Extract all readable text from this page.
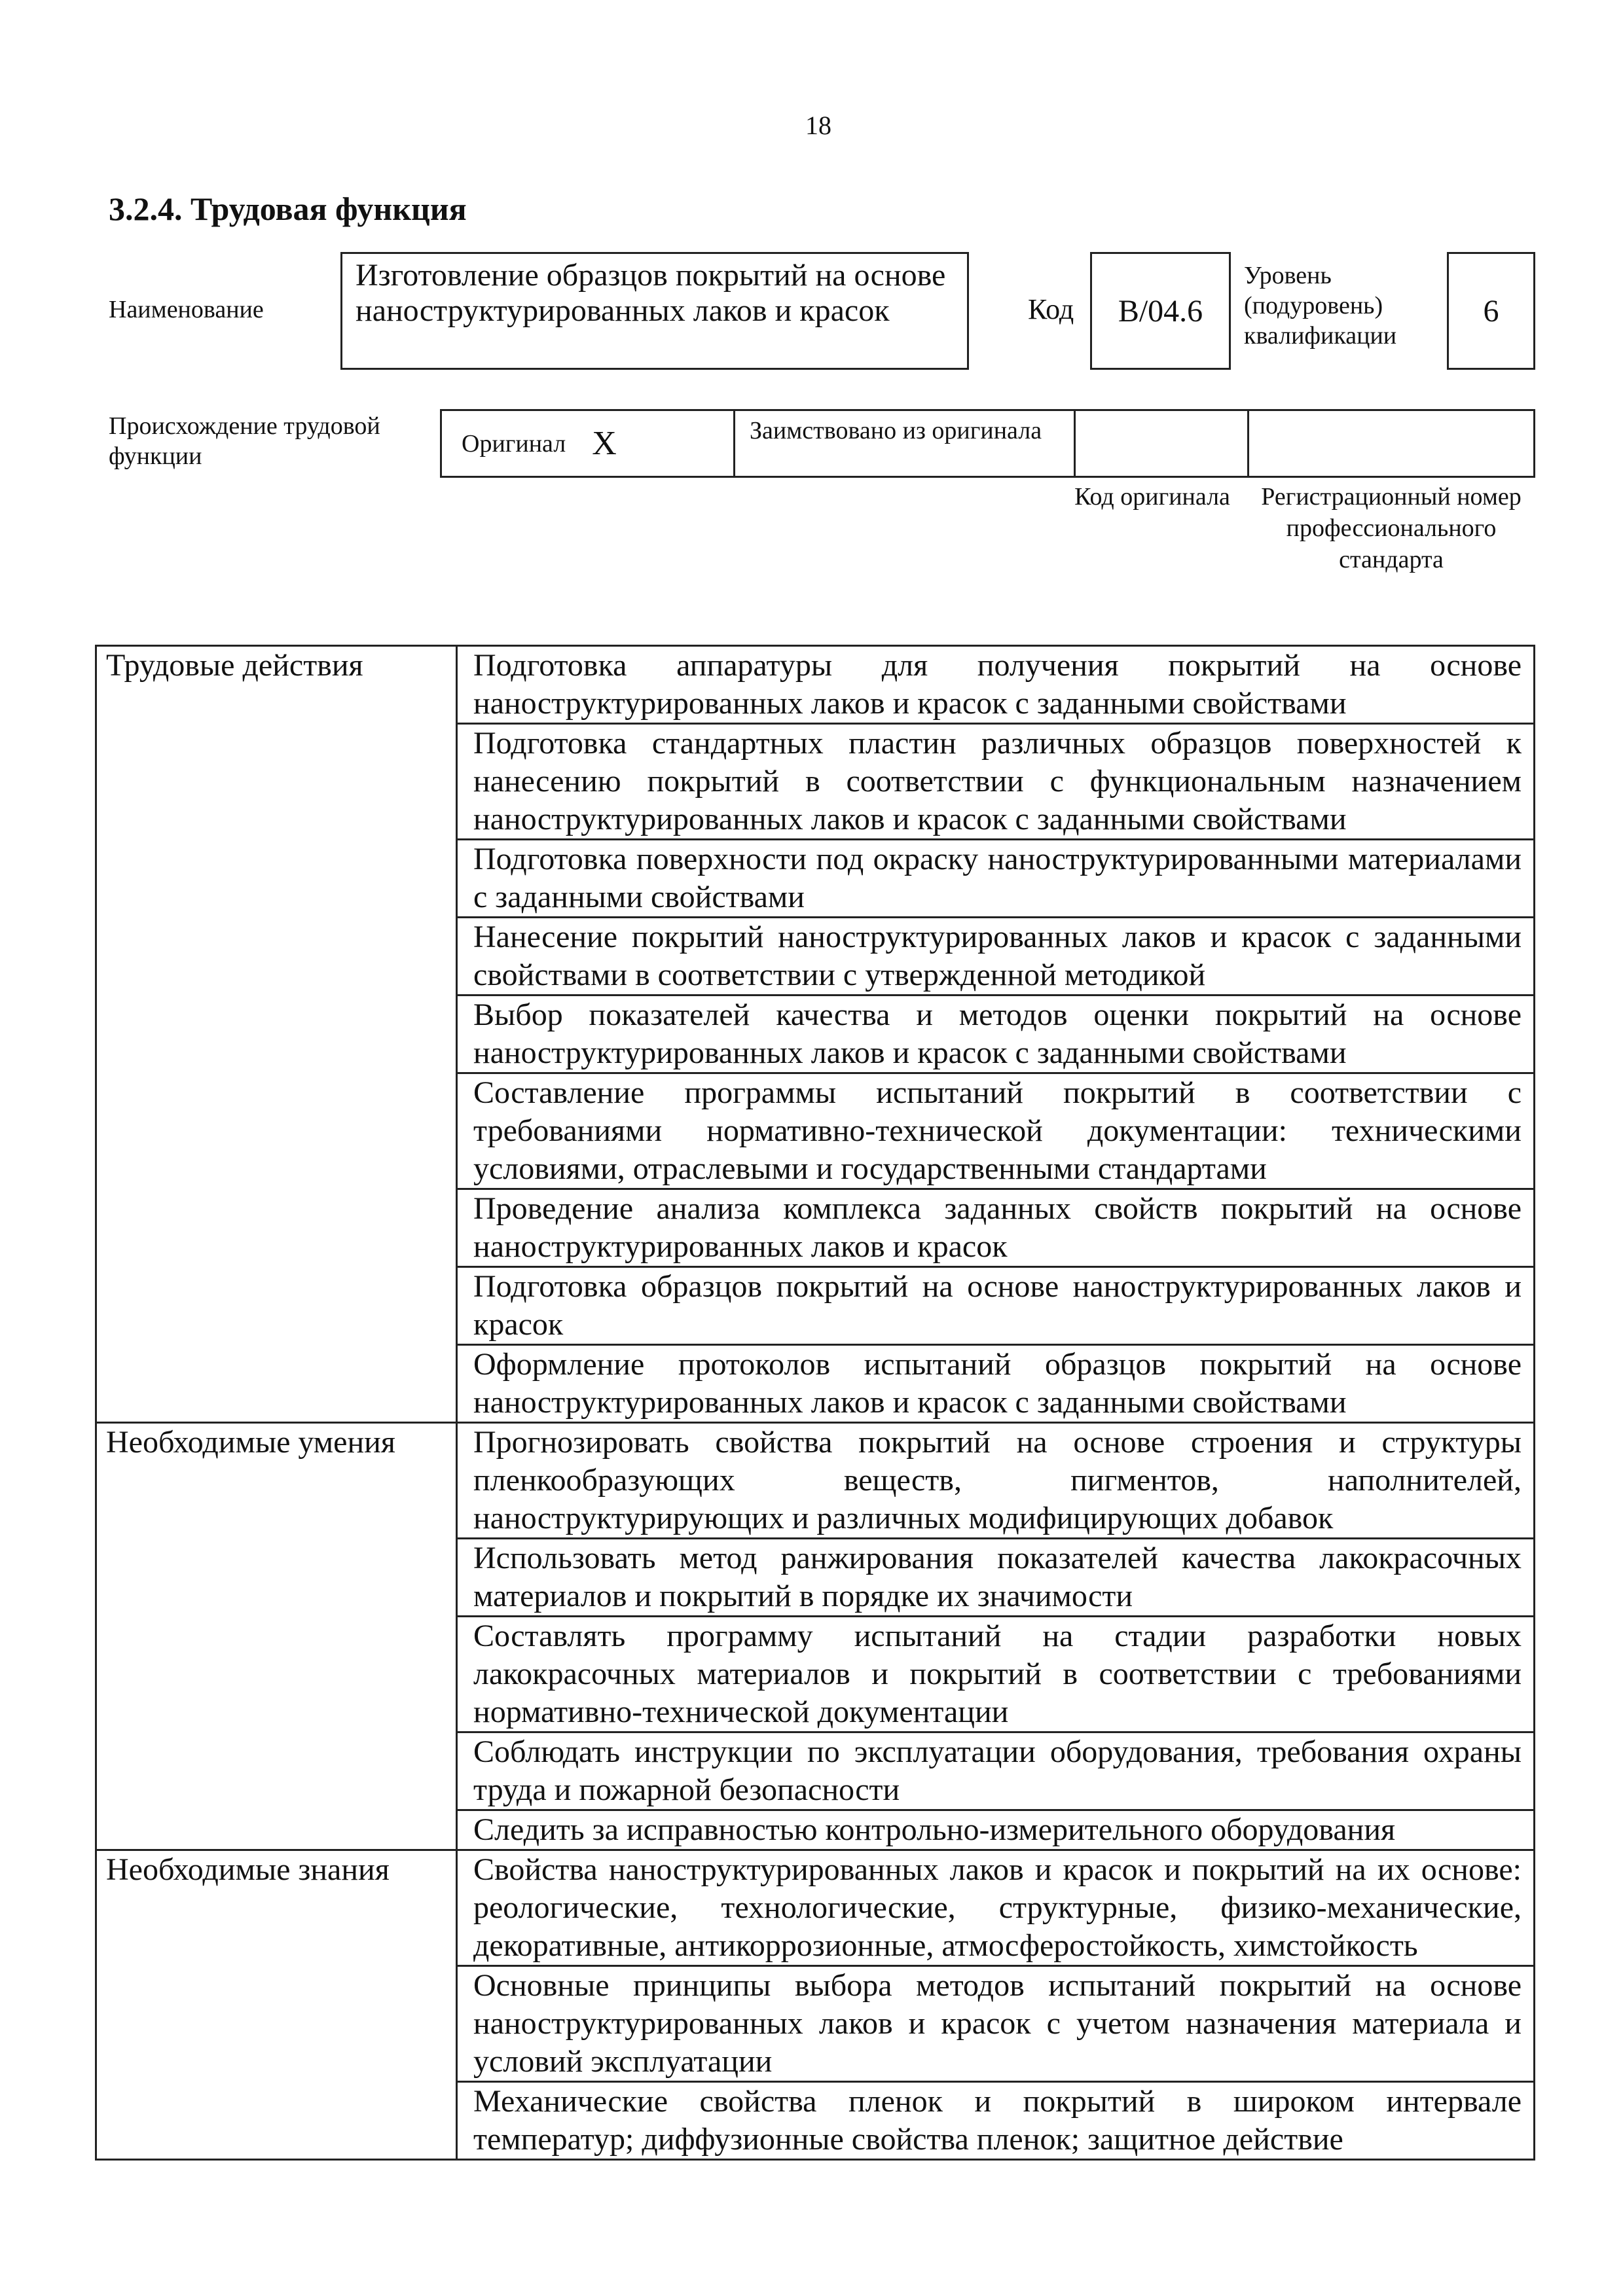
18
3.2.4. Трудовая функция
Наименование
Изготовление образцов покрытий на основе наноструктурированных лаков и красок	Код	B/04.6
Уровень (подуровень) квалификации
6
Происхождение трудовой функции	Оригинал X	Заимствовано из оригинала
Код оригинала	Регистрационный номер профессионального стандарта
Трудовые действия	Подготовка аппаратуры для получения покрытий на основе наноструктурированных лаков и красок с заданными свойствами
	Подготовка стандартных пластин различных образцов поверхностей к нанесению покрытий в соответствии с функциональным назначением наноструктурированных лаков и красок с заданными свойствами
	Подготовка поверхности под окраску наноструктурированными материалами с заданными свойствами
	Нанесение покрытий наноструктурированных лаков и красок с заданными свойствами в соответствии с утвержденной методикой
	Выбор показателей качества и методов оценки покрытий на основе наноструктурированных лаков и красок с заданными свойствами
	Составление программы испытаний покрытий в соответствии с требованиями нормативно-технической документации: техническими условиями, отраслевыми и государственными стандартами
	Проведение анализа комплекса заданных свойств покрытий на основе наноструктурированных лаков и красок
	Подготовка образцов покрытий на основе наноструктурированных лаков и красок
	Оформление протоколов испытаний образцов покрытий на основе наноструктурированных лаков и красок с заданными свойствами
Необходимые умения	Прогнозировать свойства покрытий на основе строения и структуры пленкообразующих веществ, пигментов, наполнителей, наноструктурирующих и различных модифицирующих добавок
	Использовать метод ранжирования показателей качества лакокрасочных материалов и покрытий в порядке их значимости
	Составлять программу испытаний на стадии разработки новых лакокрасочных материалов и покрытий в соответствии с требованиями нормативно-технической документации
	Соблюдать инструкции по эксплуатации оборудования, требования охраны труда и пожарной безопасности
	Следить за исправностью контрольно-измерительного оборудования
Необходимые знания	Свойства наноструктурированных лаков и красок и покрытий на их основе: реологические, технологические, структурные, физико-механические, декоративные, антикоррозионные, атмосферостойкость, химстойкость
	Основные принципы выбора методов испытаний покрытий на основе наноструктурированных лаков и красок с учетом назначения материала и условий эксплуатации
	Механические свойства пленок и покрытий в широком интервале температур; диффузионные свойства пленок; защитное действие
